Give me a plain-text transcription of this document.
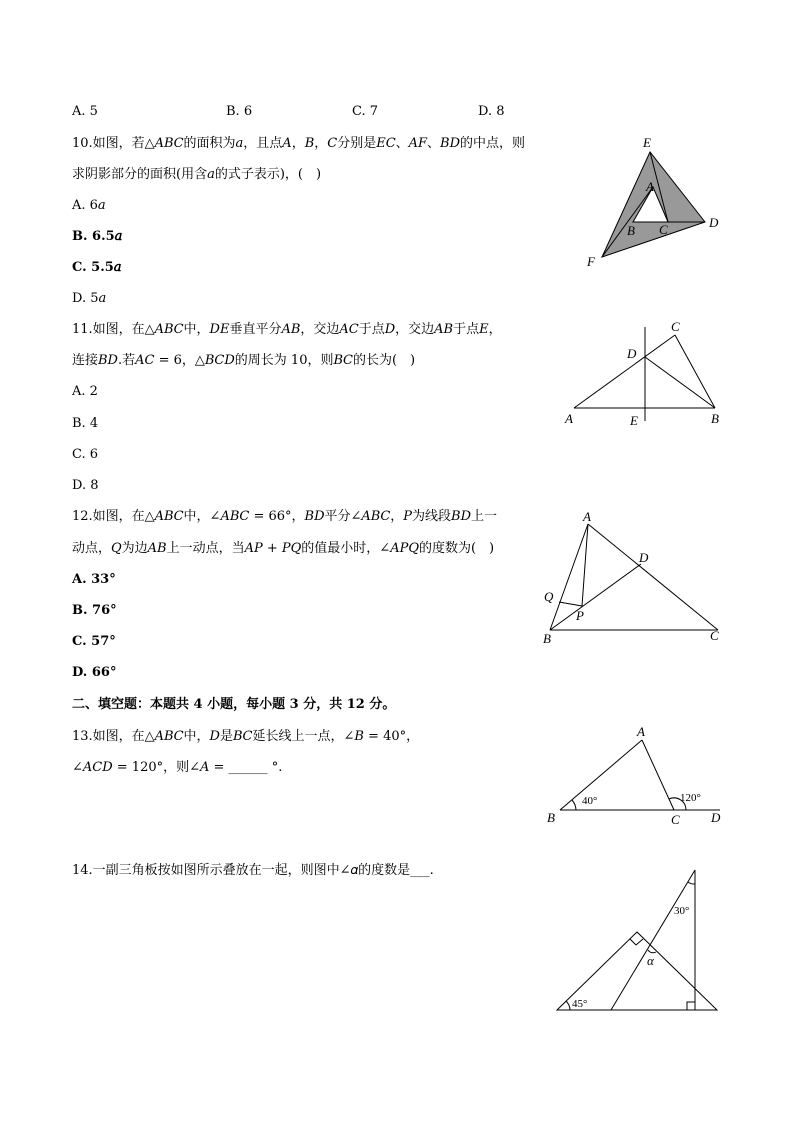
A. 5	B. 6	C. 7	D. 8
10.如图，若△𝐴𝐵𝐶的面积为𝑎，且点𝐴，𝐵，𝐶分别是𝐸𝐶、𝐴𝐹、𝐵𝐷的中点，则
求阴影部分的面积(用含𝑎的式子表示)，(　)
A. 6𝑎
B. 6.5𝑎
C. 5.5𝑎
D. 5𝑎
E
A
B C	D
F
11.如图，在△𝐴𝐵𝐶中，𝐷𝐸垂直平分𝐴𝐵，交边𝐴𝐶于点𝐷，交边𝐴𝐵于点𝐸，
连接𝐵𝐷.若𝐴𝐶 = 6，△𝐵𝐶𝐷的周长为 10，则𝐵𝐶的长为(　)
A. 2
B. 4
C. 6
D. 8
C
D
A	E	B
12.如图，在△𝐴𝐵𝐶中，∠𝐴𝐵𝐶 = 66°，𝐵𝐷平分∠𝐴𝐵𝐶，𝑃为线段𝐵𝐷上一
动点，𝑄为边𝐴𝐵上一动点，当𝐴𝑃 + 𝑃𝑄的值最小时，∠𝐴𝑃𝑄的度数为(　)
A. 33°
B. 76°
C. 57°
D. 66°
A
D
Q
P
B	C
二、填空题：本题共 4 小题，每小题 3 分，共 12 分。
13.如图，在△𝐴𝐵𝐶中，𝐷是𝐵𝐶延长线上一点，∠𝐵 = 40°，
∠𝐴𝐶𝐷 = 120°，则∠𝐴 = ______ °.
A
B	C D
40°	120°
14.一副三角板按如图所示叠放在一起，则图中∠𝛼的度数是___.
30°
α
45°
